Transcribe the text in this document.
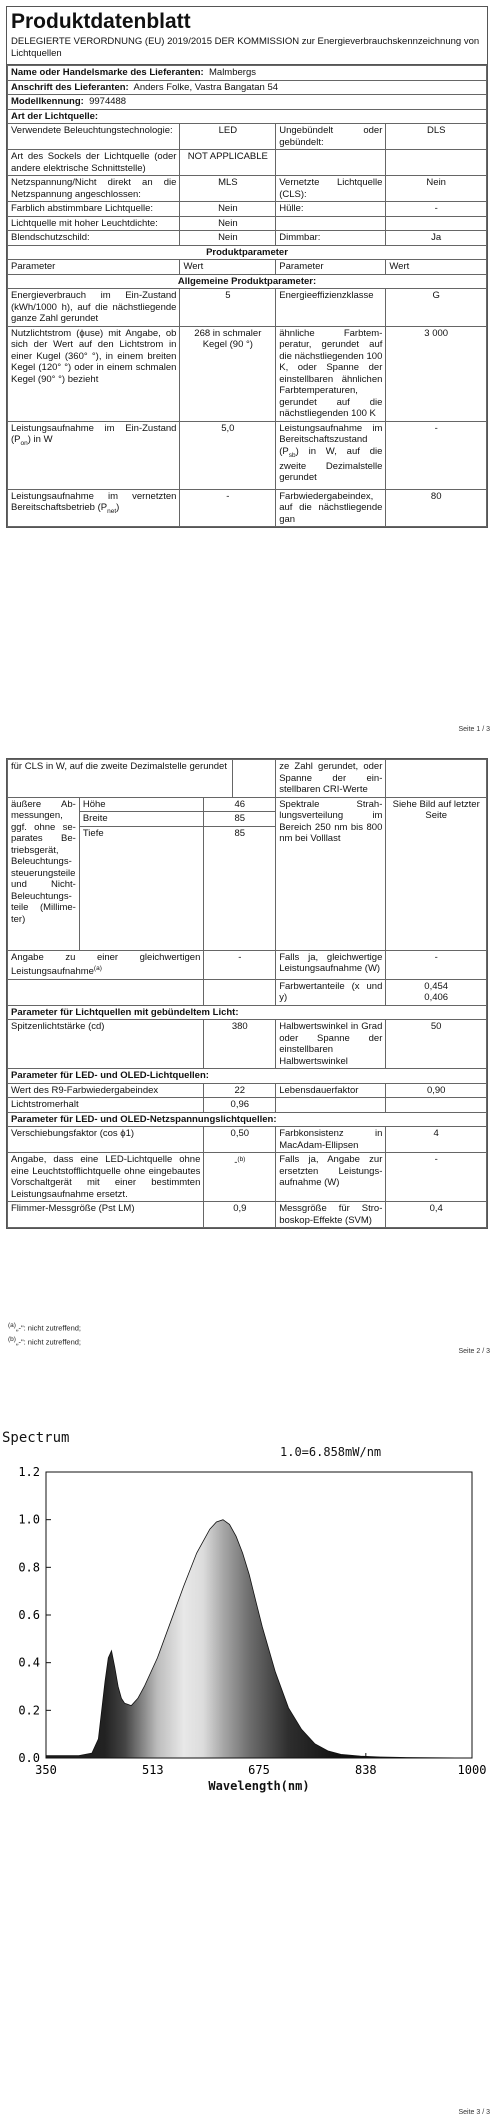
Produktdatenblatt

DELEGIERTE VERORDNUNG (EU) 2019/2015 DER KOMMISSION zur Energieverbrauchskennzeichnung von Lichtquellen

Name oder Handelsmarke des Lieferanten: Malmbergs			
Anschrift des Lieferanten: Anders Folke, Vastra Bangatan 54			
Modellkennung: 9974488			
Art der Lichtquelle:			
Verwendete Beleuchtungstechnologie:	LED	Ungebündelt oder gebündelt:	DLS
Art des Sockels der Lichtquelle (oder andere elektrische Schnittstelle)	NOT APPLICABLE		
Netzspannung/Nicht direkt an die Netzspannung angeschlossen:	MLS	Vernetzte Lichtquelle (CLS):	Nein
Farblich abstimmbare Lichtquelle:	Nein	Hülle:	-
Lichtquelle mit hoher Leuchtdichte:	Nein		
Blendschutzschild:	Nein	Dimmbar:	Ja
Produktparameter			
Parameter	Wert	Parameter	Wert
Allgemeine Produktparameter:			
Energieverbrauch im Ein-Zustand (kWh/1000 h), auf die nächstliegende ganze Zahl gerundet	5	Energieeffizienzklasse	G
Nutzlichtstrom (ϕuse) mit Angabe, ob sich der Wert auf den Lichtstrom in einer Kugel (360° °), in einem breiten Kegel (120° °) oder in einem schmalen Kegel (90° °) bezieht	268 in schmaler Kegel (90 °)	ähnliche Farbtemperatur, gerundet auf die nächstliegenden 100 K, oder Spanne der einstellbaren ähnlichen Farbtemperaturen, gerundet auf die nächstliegenden 100 K	3 000
Leistungsaufnahme im Ein-Zustand $(P_{on})$ in W	5,0	Leistungsaufnahme im Bereitschaftszustand $(P_{sb})$ in W, auf die zweite Dezimalstelle gerundet	-
Leistungsaufnahme im vernetzten Bereitschaftsbetrieb $(P_{net})$	-	Farbwiedergabeindex, auf die nächstliegende gan	80
Seite 1 / 3
für CLS in W, auf die zweite Dezimalstelle gerundet				ze Zahl gerundet, oder Spanne der einstellbaren CRI-Werte	
äußere Abmessungen, ggf. ohne separates Betriebsgerät, Beleuchtungssteuerungsteile und Nicht-Beleuchtungsteile (Millimeter)	Höhe	46		Spektrale Strahlungsverteilung im Bereich 250 nm bis 800 nm bei Volllast	Siehe Bild auf letzter Seite
	Breite	85			
	Tiefe	85			
Angabe zu einer gleichwertigen Leistungsaufnahme$^{(a)}$		-		Falls ja, gleichwertige Leistungsaufnahme (W)	-
				Farbwertanteile (x und y)	0,454
0,406
Parameter für Lichtquellen mit gebündeltem Licht:					
Spitzenlichtstärke (cd)		380		Halbwertswinkel in Grad oder Spanne der einstellbaren Halbwertswinkel	50
Parameter für LED- und OLED-Lichtquellen:					
Wert des R9-Farbwiedergabeindex		22		Lebensdauerfaktor	0,90
Lichtstromerhalt		0,96			
Parameter für LED- und OLED-Netzspannungslichtquellen:					
Verschiebungsfaktor (cos ϕ1)		0,50		Farbkonsistenz in MacAdam-Ellipsen	4
Angabe, dass eine LED-Lichtquelle ohne eine Leuchtstofflichtquelle ohne eingebautes Vorschaltgerät mit einer bestimmten Leistungsaufnahme ersetzt.		-$^{(b)}$		Falls ja, Angabe zur ersetzten Leistungsaufnahme (W)	-
Flimmer-Messgröße (Pst LM)		0,9		Messgröße für Stroboskop-Effekte (SVM)	0,4
$^{(a)}$„-": nicht zutreffend;
$^{(b)}$„-": nicht zutreffend;
Seite 2 / 3
Spectrum
1.0=6.858mW/nm
0.0
0.2
0.4
0.6
0.8
1.0
1.2
350	513	675	838	1000
Wavelength(nm)
Seite 3 / 3
